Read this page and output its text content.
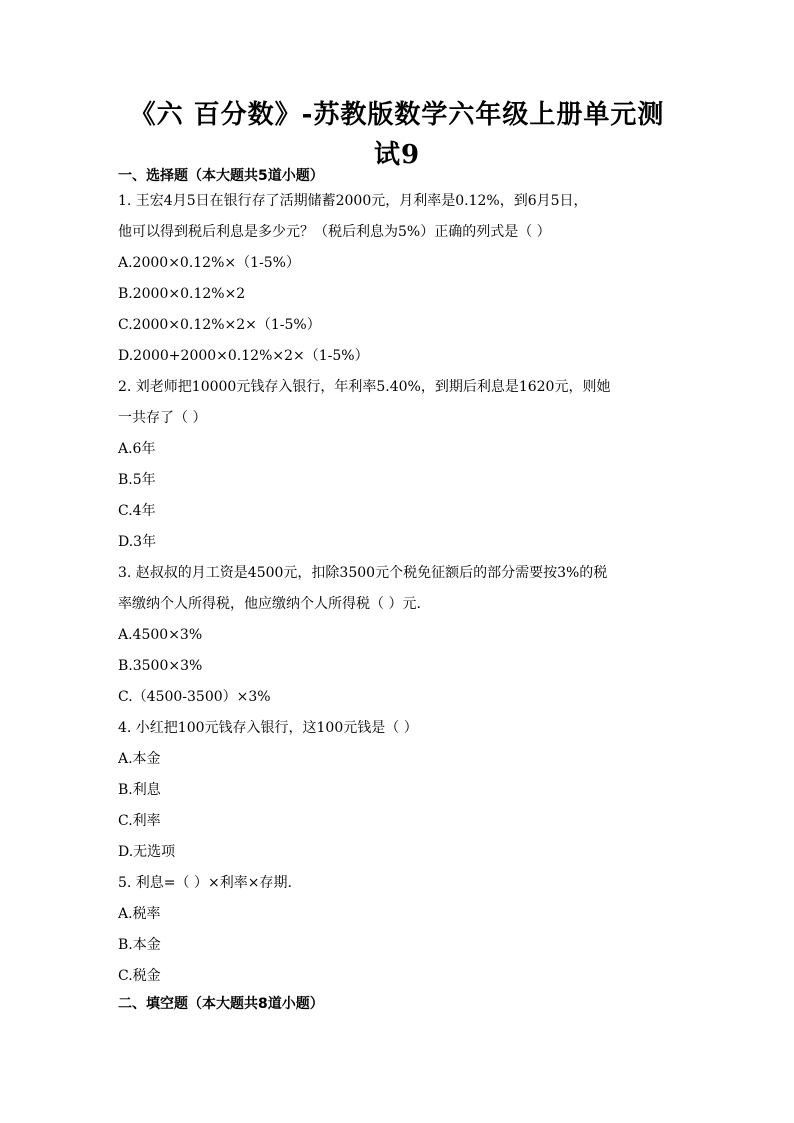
《六 百分数》-苏教版数学六年级上册单元测
试9
一、选择题（本大题共5道小题）
1. 王宏4月5日在银行存了活期储蓄2000元，月利率是0.12%，到6月5日，
他可以得到税后利息是多少元？（税后利息为5%）正确的列式是（ ）
A.2000×0.12%×（1-5%）
B.2000×0.12%×2
C.2000×0.12%×2×（1-5%）
D.2000+2000×0.12%×2×（1-5%）
2. 刘老师把10000元钱存入银行，年利率5.40%，到期后利息是1620元，则她
一共存了（ ）
A.6年
B.5年
C.4年
D.3年
3. 赵叔叔的月工资是4500元，扣除3500元个税免征额后的部分需要按3%的税
率缴纳个人所得税，他应缴纳个人所得税（ ）元.
A.4500×3%
B.3500×3%
C.（4500-3500）×3%
4. 小红把100元钱存入银行，这100元钱是（ ）
A.本金
B.利息
C.利率
D.无选项
5. 利息=（ ）×利率×存期.
A.税率
B.本金
C.税金
二、填空题（本大题共8道小题）
